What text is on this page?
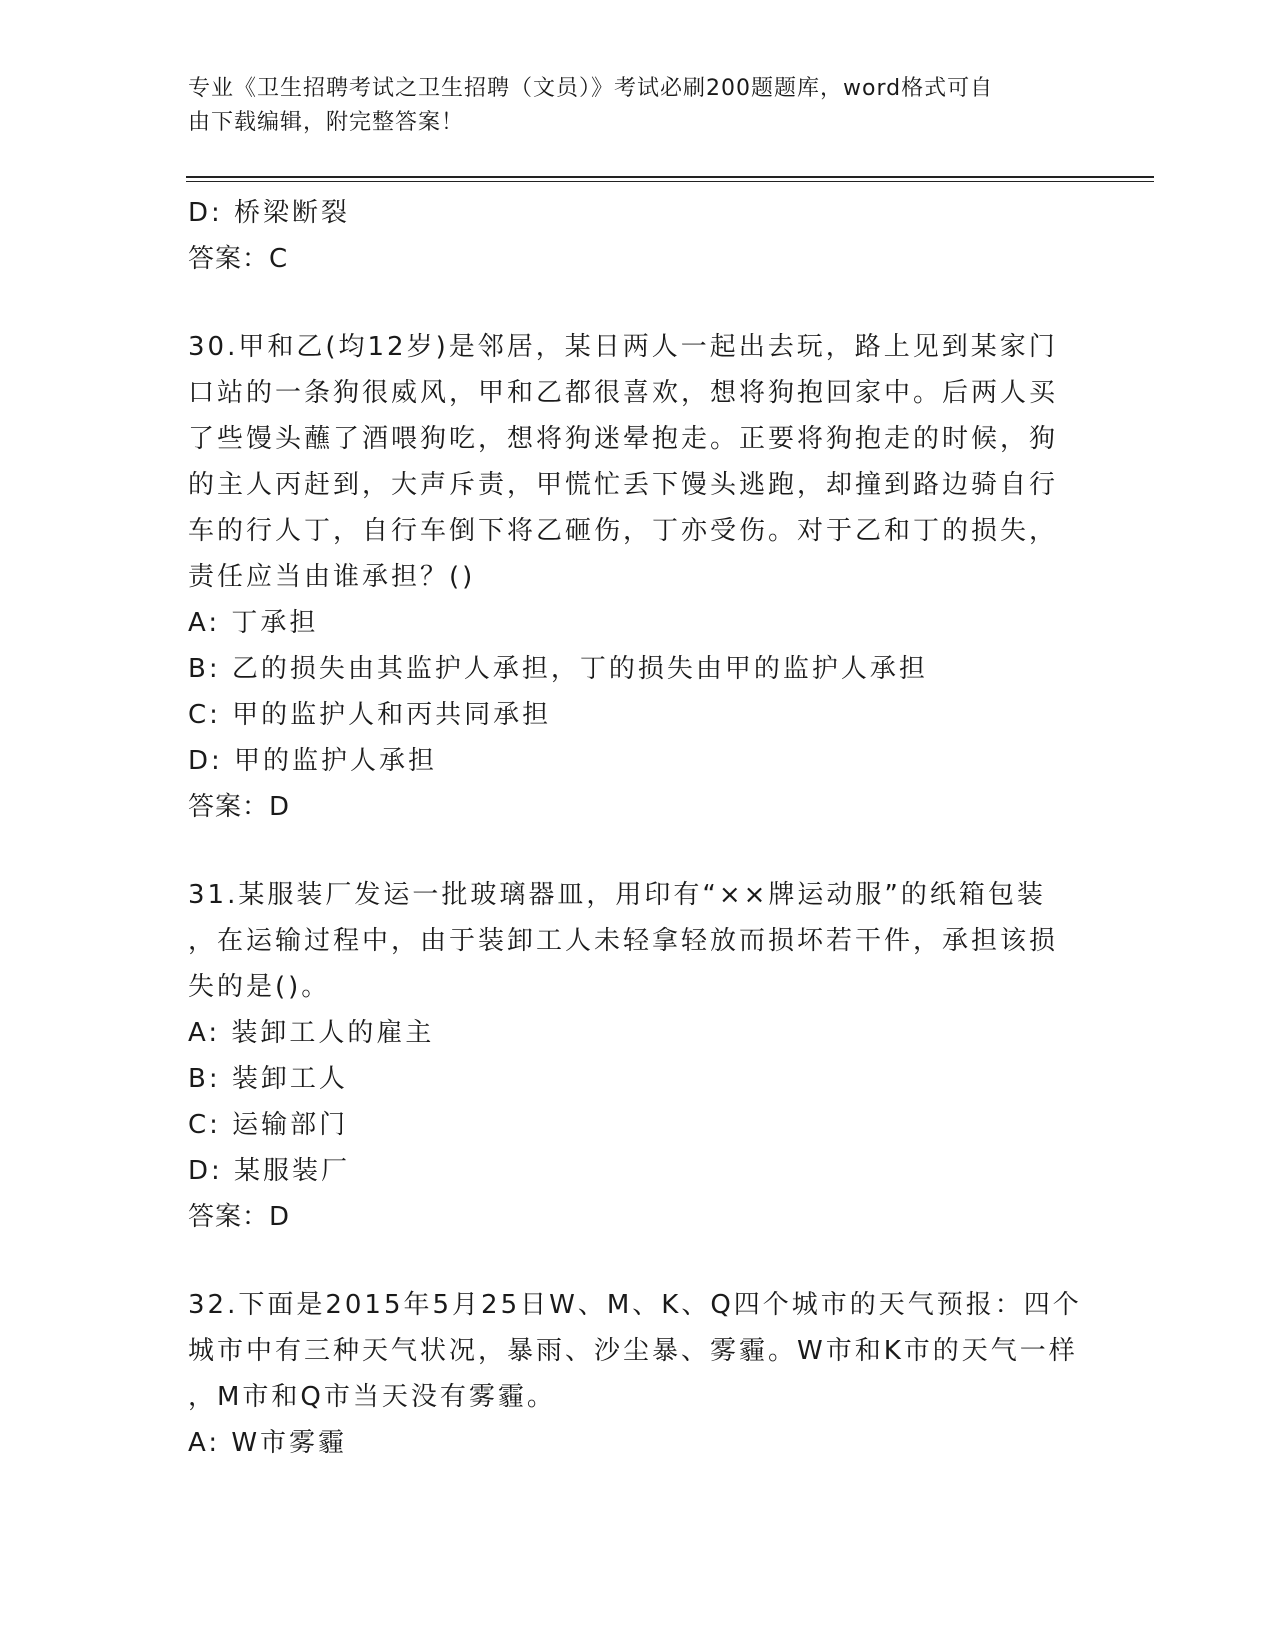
专业《卫生招聘考试之卫生招聘（文员）》考试必刷200题题库，word格式可自
由下载编辑，附完整答案！
D: 桥梁断裂
答案：C
30.甲和乙(均12岁)是邻居，某日两人一起出去玩，路上见到某家门
口站的一条狗很威风，甲和乙都很喜欢，想将狗抱回家中。后两人买
了些馒头蘸了酒喂狗吃，想将狗迷晕抱走。正要将狗抱走的时候，狗
的主人丙赶到，大声斥责，甲慌忙丢下馒头逃跑，却撞到路边骑自行
车的行人丁，自行车倒下将乙砸伤，丁亦受伤。对于乙和丁的损失，
责任应当由谁承担？()
A: 丁承担
B: 乙的损失由其监护人承担，丁的损失由甲的监护人承担
C: 甲的监护人和丙共同承担
D: 甲的监护人承担
答案：D
31.某服装厂发运一批玻璃器皿，用印有“××牌运动服”的纸箱包装
，在运输过程中，由于装卸工人未轻拿轻放而损坏若干件，承担该损
失的是()。
A: 装卸工人的雇主
B: 装卸工人
C: 运输部门
D: 某服装厂
答案：D
32.下面是2015年5月25日W、M、K、Q四个城市的天气预报：四个
城市中有三种天气状况，暴雨、沙尘暴、雾霾。W市和K市的天气一样
，M市和Q市当天没有雾霾。
A: W市雾霾
